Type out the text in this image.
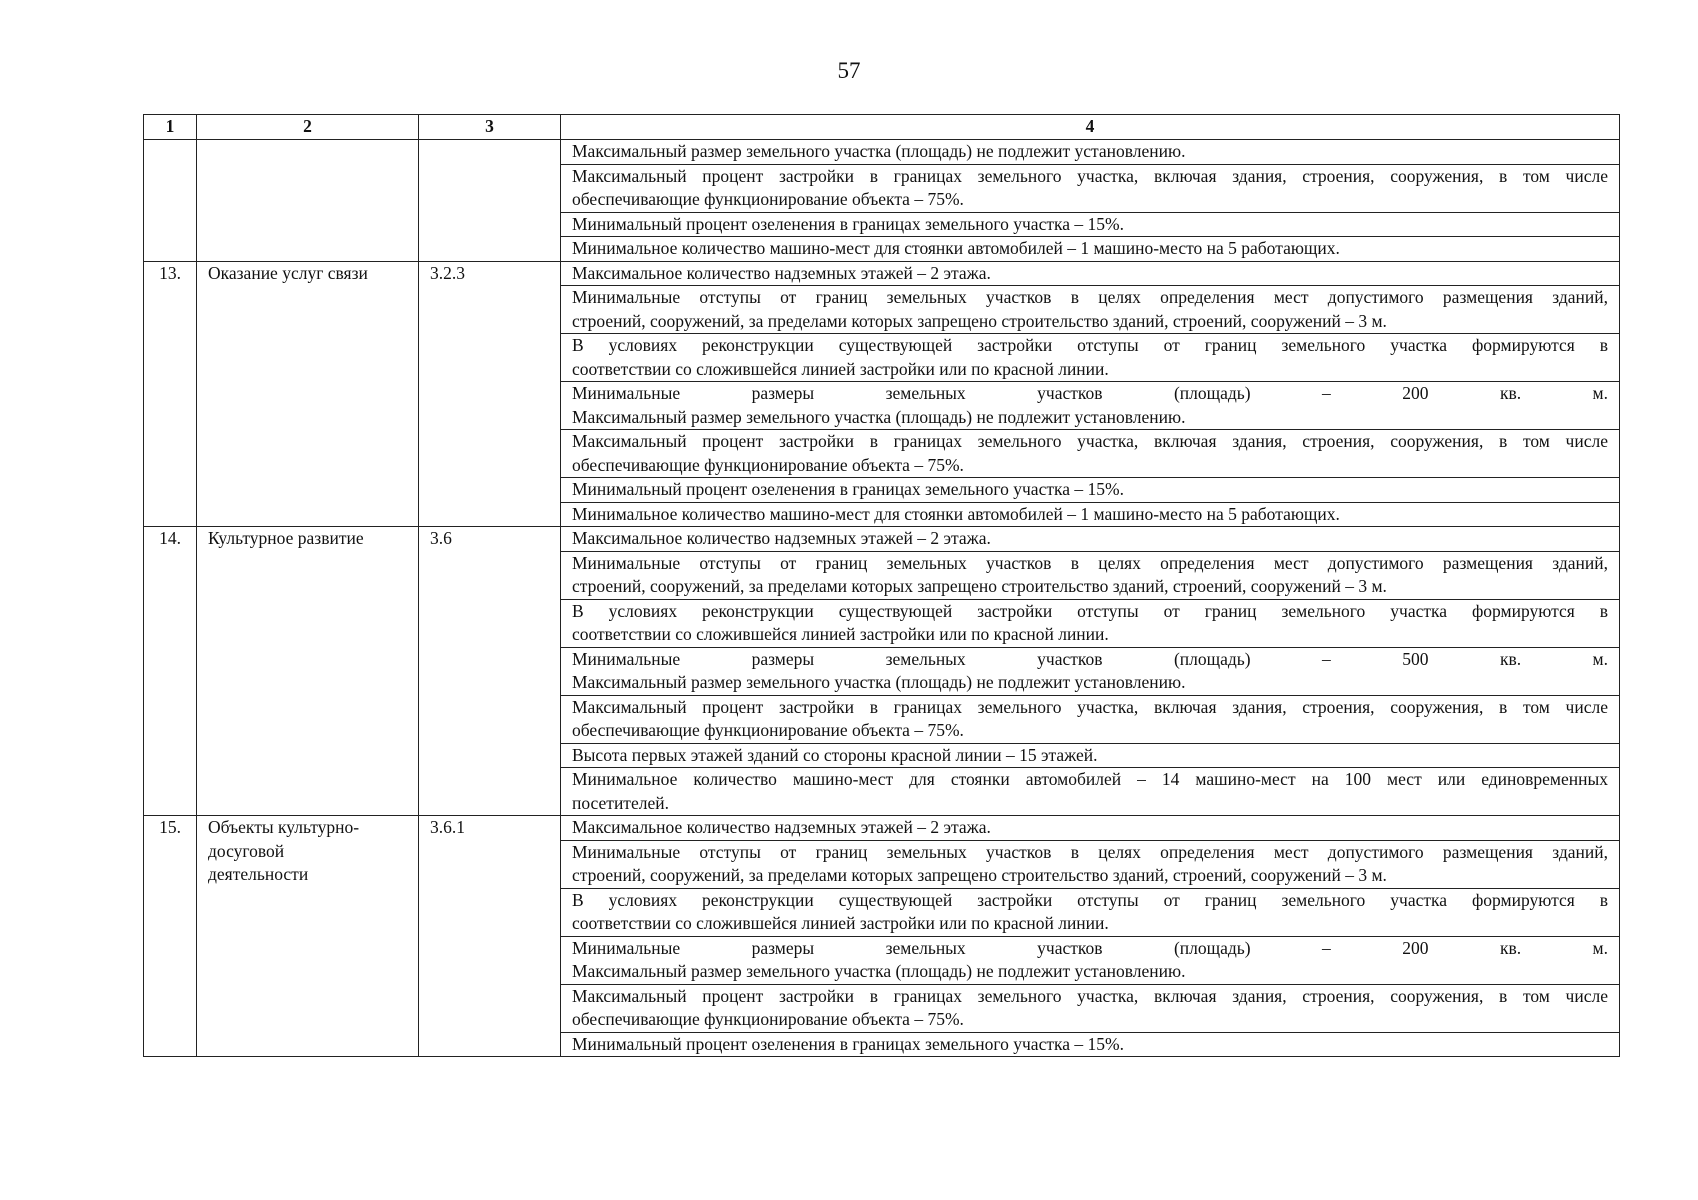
57
1	2	3	4

			Максимальный размер земельного участка (площадь) не подлежит установлению.

			Максимальный процент застройки в границах земельного участка, включая здания, строения, сооружения, в том числе
обеспечивающие функционирование объекта – 75%.

			Минимальный процент озеленения в границах земельного участка – 15%.

			Минимальное количество машино-мест для стоянки автомобилей – 1 машино-место на 5 работающих.

13.	Оказание услуг связи	3.2.3	Максимальное количество надземных этажей – 2 этажа.

			Минимальные отступы от границ земельных участков в целях определения мест допустимого размещения зданий,
строений, сооружений, за пределами которых запрещено строительство зданий, строений, сооружений – 3 м.

			В условиях реконструкции существующей застройки отступы от границ земельного участка формируются в
соответствии со сложившейся линией застройки или по красной линии.

			Минимальные размеры земельных участков (площадь) – 200 кв. м.
Максимальный размер земельного участка (площадь) не подлежит установлению.

			Максимальный процент застройки в границах земельного участка, включая здания, строения, сооружения, в том числе
обеспечивающие функционирование объекта – 75%.

			Минимальный процент озеленения в границах земельного участка – 15%.

			Минимальное количество машино-мест для стоянки автомобилей – 1 машино-место на 5 работающих.

14.	Культурное развитие	3.6	Максимальное количество надземных этажей – 2 этажа.

			Минимальные отступы от границ земельных участков в целях определения мест допустимого размещения зданий,
строений, сооружений, за пределами которых запрещено строительство зданий, строений, сооружений – 3 м.

			В условиях реконструкции существующей застройки отступы от границ земельного участка формируются в
соответствии со сложившейся линией застройки или по красной линии.

			Минимальные размеры земельных участков (площадь) – 500 кв. м.
Максимальный размер земельного участка (площадь) не подлежит установлению.

			Максимальный процент застройки в границах земельного участка, включая здания, строения, сооружения, в том числе
обеспечивающие функционирование объекта – 75%.

			Высота первых этажей зданий со стороны красной линии – 15 этажей.

			Минимальное количество машино-мест для стоянки автомобилей – 14 машино-мест на 100 мест или единовременных
посетителей.

15.	Объекты культурно-
досуговой
деятельности	3.6.1	Максимальное количество надземных этажей – 2 этажа.

			Минимальные отступы от границ земельных участков в целях определения мест допустимого размещения зданий,
строений, сооружений, за пределами которых запрещено строительство зданий, строений, сооружений – 3 м.

			В условиях реконструкции существующей застройки отступы от границ земельного участка формируются в
соответствии со сложившейся линией застройки или по красной линии.

			Минимальные размеры земельных участков (площадь) – 200 кв. м.
Максимальный размер земельного участка (площадь) не подлежит установлению.

			Максимальный процент застройки в границах земельного участка, включая здания, строения, сооружения, в том числе
обеспечивающие функционирование объекта – 75%.

			Минимальный процент озеленения в границах земельного участка – 15%.
